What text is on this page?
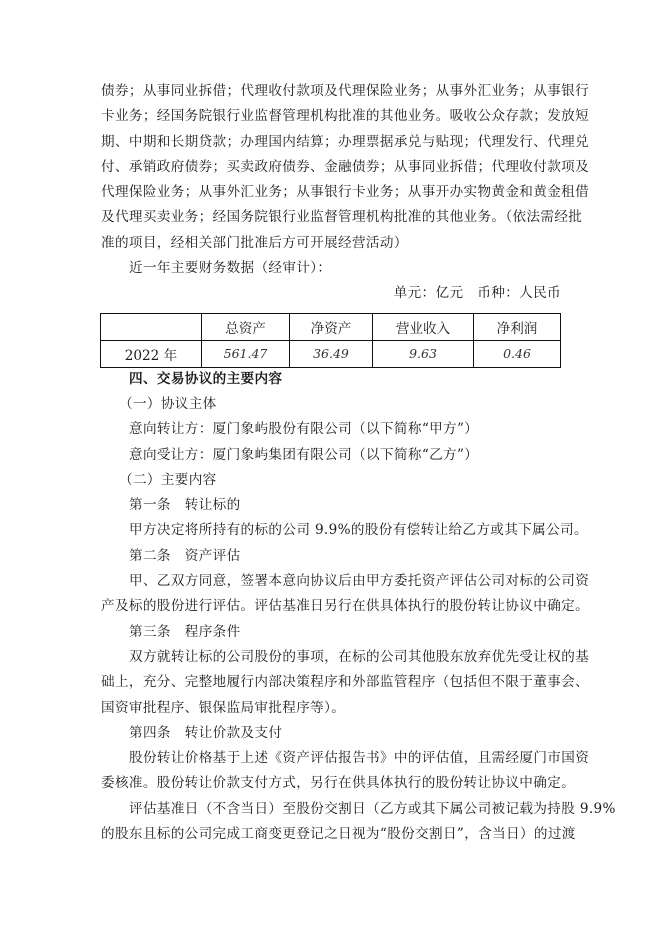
债券；从事同业拆借；代理收付款项及代理保险业务；从事外汇业务；从事银行
卡业务；经国务院银行业监督管理机构批准的其他业务。吸收公众存款；发放短
期、中期和长期贷款；办理国内结算；办理票据承兑与贴现；代理发行、代理兑
付、承销政府债券；买卖政府债券、金融债券；从事同业拆借；代理收付款项及
代理保险业务；从事外汇业务；从事银行卡业务；从事开办实物黄金和黄金租借
及代理买卖业务；经国务院银行业监督管理机构批准的其他业务。（依法需经批
准的项目，经相关部门批准后方可开展经营活动）
近一年主要财务数据（经审计）：
单元：亿元　币种：人民币
	总资产	净资产	营业收入	净利润
2022 年	561.47	36.49	9.63	0.46
四、交易协议的主要内容
（一）协议主体
意向转让方：厦门象屿股份有限公司（以下简称“甲方”）
意向受让方：厦门象屿集团有限公司（以下简称“乙方”）
（二）主要内容
第一条　转让标的
甲方决定将所持有的标的公司 9.9%的股份有偿转让给乙方或其下属公司。
第二条　资产评估
甲、乙双方同意，签署本意向协议后由甲方委托资产评估公司对标的公司资
产及标的股份进行评估。评估基准日另行在供具体执行的股份转让协议中确定。
第三条　程序条件
双方就转让标的公司股份的事项，在标的公司其他股东放弃优先受让权的基
础上，充分、完整地履行内部决策程序和外部监管程序（包括但不限于董事会、
国资审批程序、银保监局审批程序等）。
第四条　转让价款及支付
股份转让价格基于上述《资产评估报告书》中的评估值，且需经厦门市国资
委核准。股份转让价款支付方式，另行在供具体执行的股份转让协议中确定。
评估基准日（不含当日）至股份交割日（乙方或其下属公司被记载为持股 9.9%
的股东且标的公司完成工商变更登记之日视为“股份交割日”，含当日）的过渡
